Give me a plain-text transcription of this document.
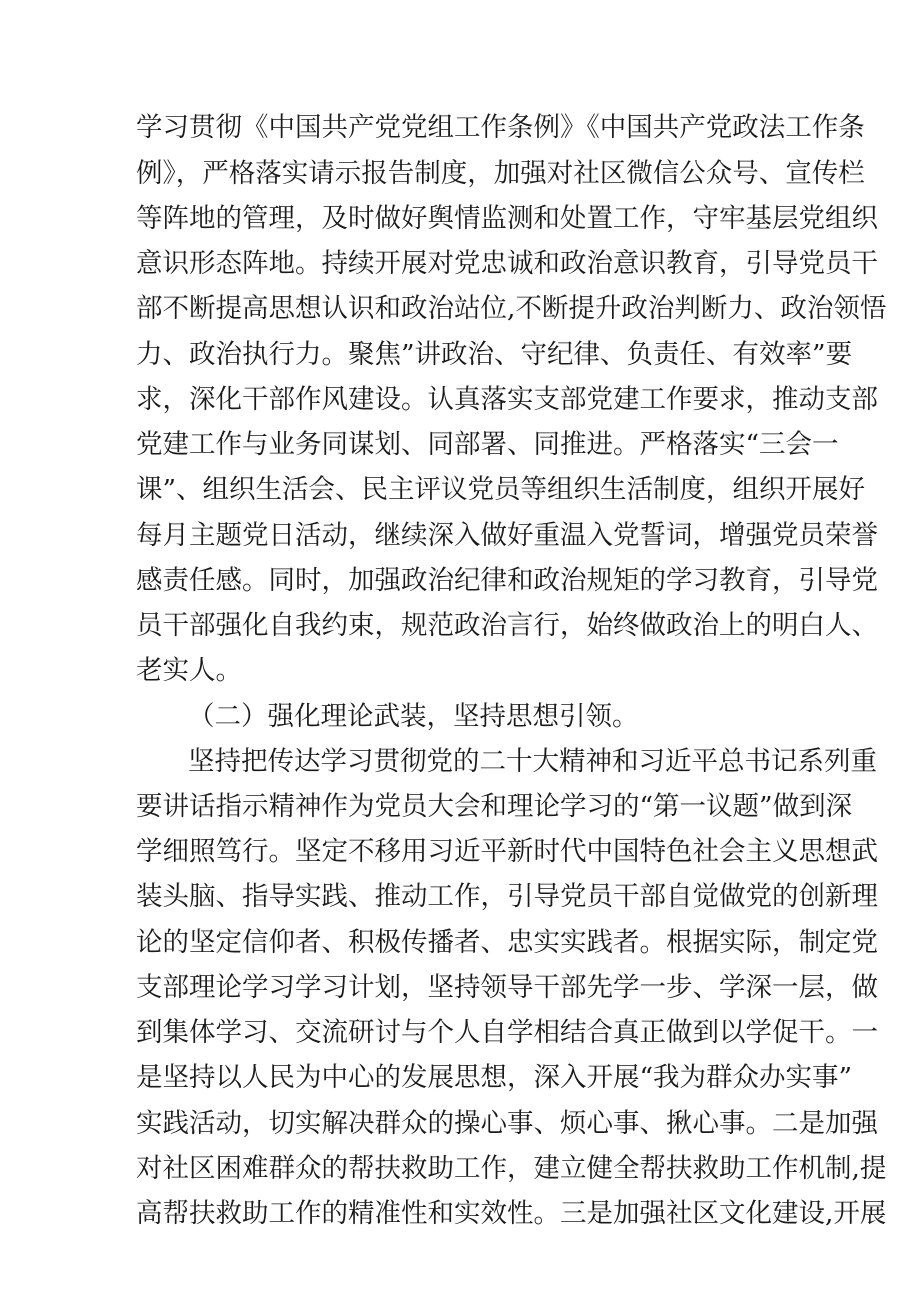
学习贯彻《中国共产党党组工作条例》《中国共产党政法工作条
例》，严格落实请示报告制度，加强对社区微信公众号、宣传栏
等阵地的管理，及时做好舆情监测和处置工作，守牢基层党组织
意识形态阵地。持续开展对党忠诚和政治意识教育，引导党员干
部不断提高思想认识和政治站位,不断提升政治判断力、政治领悟
力、政治执行力。聚焦”讲政治、守纪律、负责任、有效率”要
求，深化干部作风建设。认真落实支部党建工作要求，推动支部
党建工作与业务同谋划、同部署、同推进。严格落实“三会一
课”、组织生活会、民主评议党员等组织生活制度，组织开展好
每月主题党日活动，继续深入做好重温入党誓词，增强党员荣誉
感责任感。同时，加强政治纪律和政治规矩的学习教育，引导党
员干部强化自我约束，规范政治言行，始终做政治上的明白人、
老实人。
（二）强化理论武装，坚持思想引领。
坚持把传达学习贯彻党的二十大精神和习近平总书记系列重
要讲话指示精神作为党员大会和理论学习的“第一议题”做到深
学细照笃行。坚定不移用习近平新时代中国特色社会主义思想武
装头脑、指导实践、推动工作，引导党员干部自觉做党的创新理
论的坚定信仰者、积极传播者、忠实实践者。根据实际，制定党
支部理论学习学习计划，坚持领导干部先学一步、学深一层，做
到集体学习、交流研讨与个人自学相结合真正做到以学促干。一
是坚持以人民为中心的发展思想，深入开展“我为群众办实事”
实践活动，切实解决群众的操心事、烦心事、揪心事。二是加强
对社区困难群众的帮扶救助工作，建立健全帮扶救助工作机制,提
高帮扶救助工作的精准性和实效性。三是加强社区文化建设,开展
